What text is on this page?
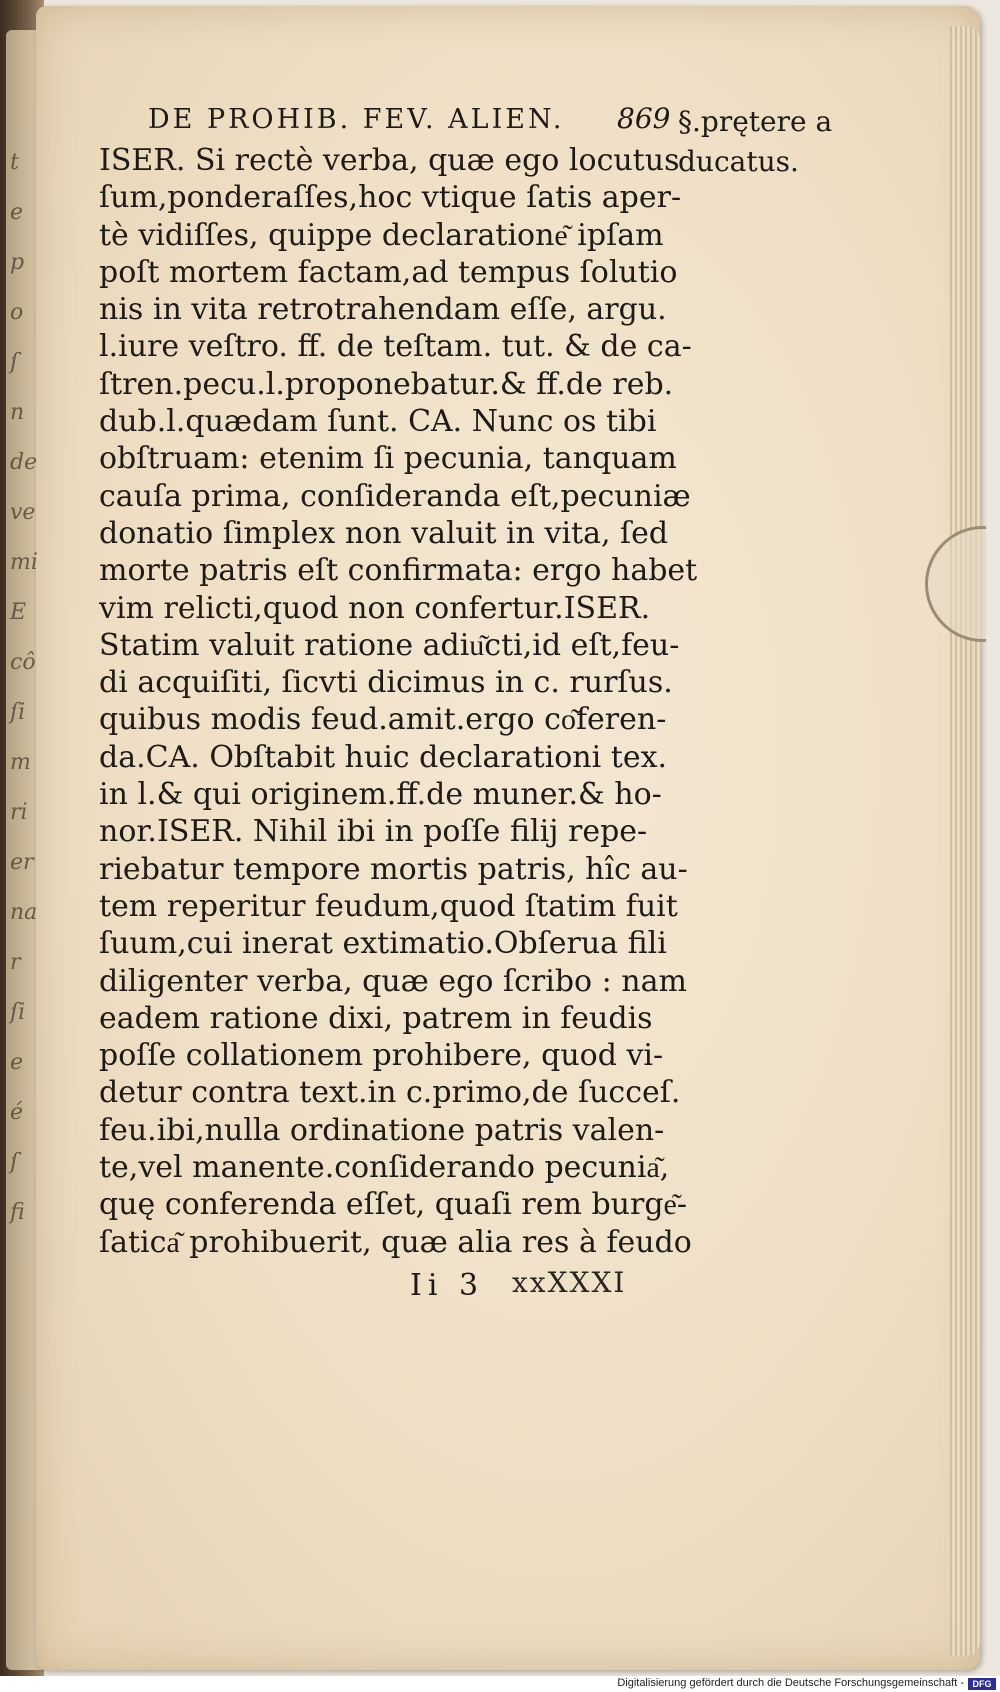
DE PROHIB. FEV. ALIEN. 869 §.prętere a
ducatus.
ISER. Si rectè verba, quæ ego locutus
ſum,ponderaſſes,hoc vtique ſatis aper-
tè vidiſſes, quippe declaratione͂ ipſam
poſt mortem factam,ad tempus ſolutio
nis in vita retrotrahendam eſſe, argu.
l.iure veſtro. ff. de teſtam. tut. & de ca-
ſtren.pecu.l.proponebatur.& ff.de reb.
dub.l.quædam ſunt. CA. Nunc os tibi
obſtruam: etenim ſi pecunia, tanquam
cauſa prima, conſideranda eſt,pecuniæ
donatio ſimplex non valuit in vita, ſed
morte patris eſt confirmata: ergo habet
vim relicti,quod non confertur.ISER.
Statim valuit ratione adiu͂cti,id eſt,feu-
di acquiſiti, ſicvti dicimus in c. rurſus.
quibus modis feud.amit.ergo co͂feren-
da.CA. Obſtabit huic declarationi tex.
in l.& qui originem.ff.de muner.& ho-
nor.ISER. Nihil ibi in poſſe filij repe-
riebatur tempore mortis patris, hîc au-
tem reperitur feudum,quod ſtatim fuit
ſuum,cui inerat extimatio.Obſerua fili
diligenter verba, quæ ego ſcribo : nam
eadem ratione dixi, patrem in feudis
poſſe collationem prohibere, quod vi-
detur contra text.in c.primo,de ſucceſ.
feu.ibi,nulla ordinatione patris valen-
te,vel manente.conſiderando pecunia͂,
quę conferenda eſſet, quaſi rem burge͂-
ſatica͂ prohibuerit, quæ alia res à feudo
Ii 3 xxXXXI
Digitalisierung gefördert durch die Deutsche Forschungsgemeinschaft - DFG
t
e
p
o
ſ
n
de
ve
mi
E
cô
ſi
m
ri
er
na
r
ſi
e
é
ſ
fi
